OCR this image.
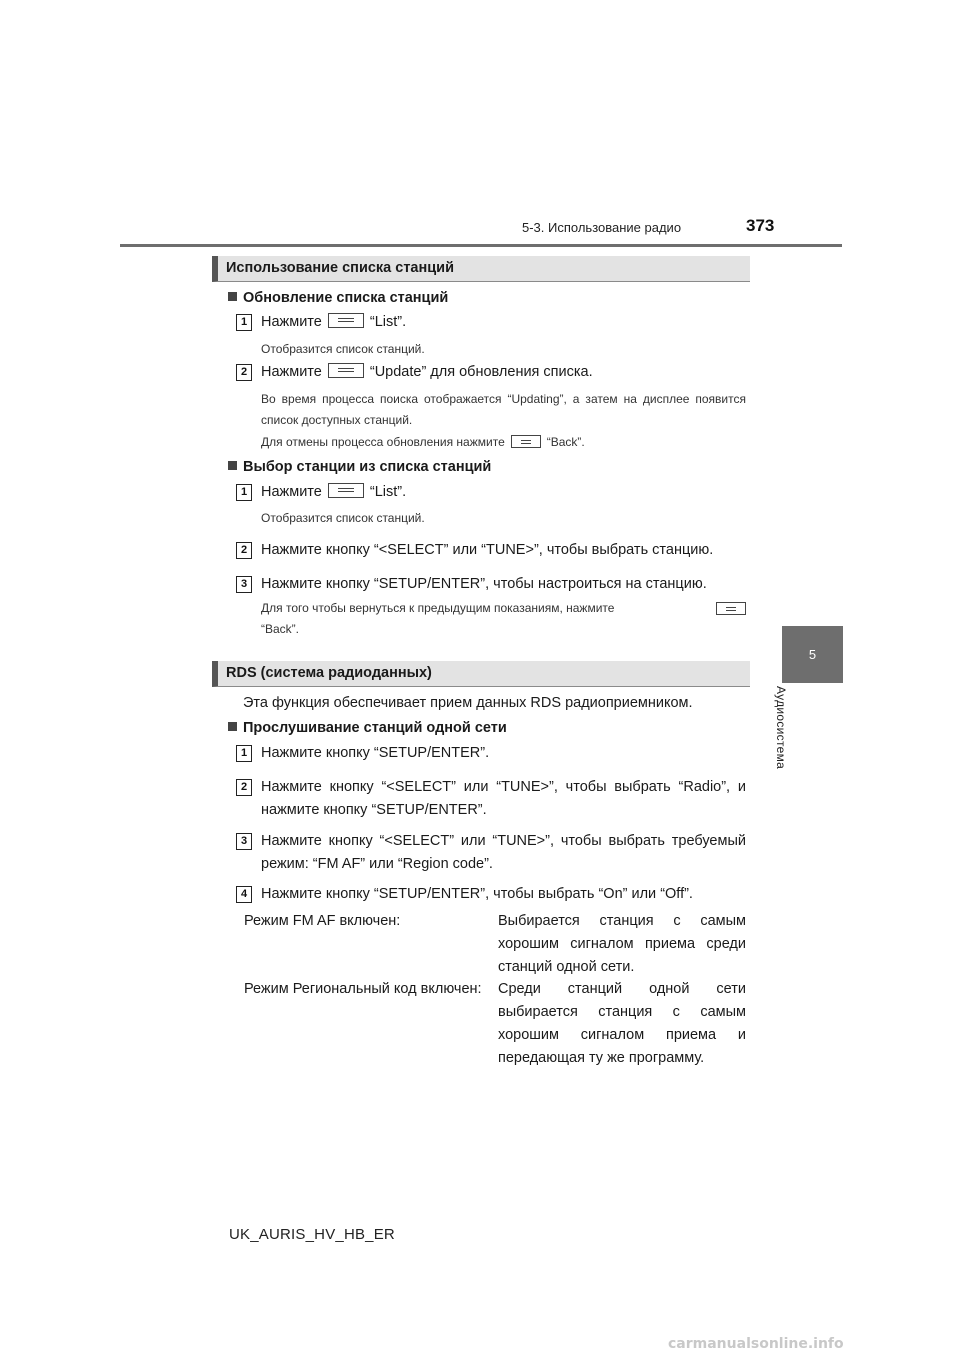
5-3. Использование радио	373
5
Аудиосистема
Использование списка станций
Обновление списка станций
1 Нажмите	“List”.
Отобразится список станций.
2 Нажмите	“Update” для обновления списка.
Во время процесса поиска отображается “Updating”, а затем на дисплее появится список доступных станций.
Для отмены процесса обновления нажмите	“Back”.
Выбор станции из списка станций
1 Нажмите	“List”.
Отобразится список станций.
2 Нажмите кнопку “<SELECT” или “TUNE>”, чтобы выбрать станцию.
3 Нажмите кнопку “SETUP/ENTER”, чтобы настроиться на станцию.
Для того чтобы вернуться к предыдущим показаниям, нажмите
“Back”.
RDS (система радиоданных)
Эта функция обеспечивает прием данных RDS радиоприемником.
Прослушивание станций одной сети
1 Нажмите кнопку “SETUP/ENTER”.
2 Нажмите кнопку “<SELECT” или “TUNE>”, чтобы выбрать “Radio”, и нажмите кнопку “SETUP/ENTER”.
3 Нажмите кнопку “<SELECT” или “TUNE>”, чтобы выбрать требуемый режим: “FM AF” или “Region code”.
4 Нажмите кнопку “SETUP/ENTER”, чтобы выбрать “On” или “Off”.
Режим FM AF включен:	Выбирается станция с самым хорошим сигналом приема среди станций одной сети.
Режим Региональный код включен:	Среди станций одной сети выбирается станция с самым хорошим сигналом приема и передающая ту же программу.
UK_AURIS_HV_HB_ER
carmanualsonline.info
